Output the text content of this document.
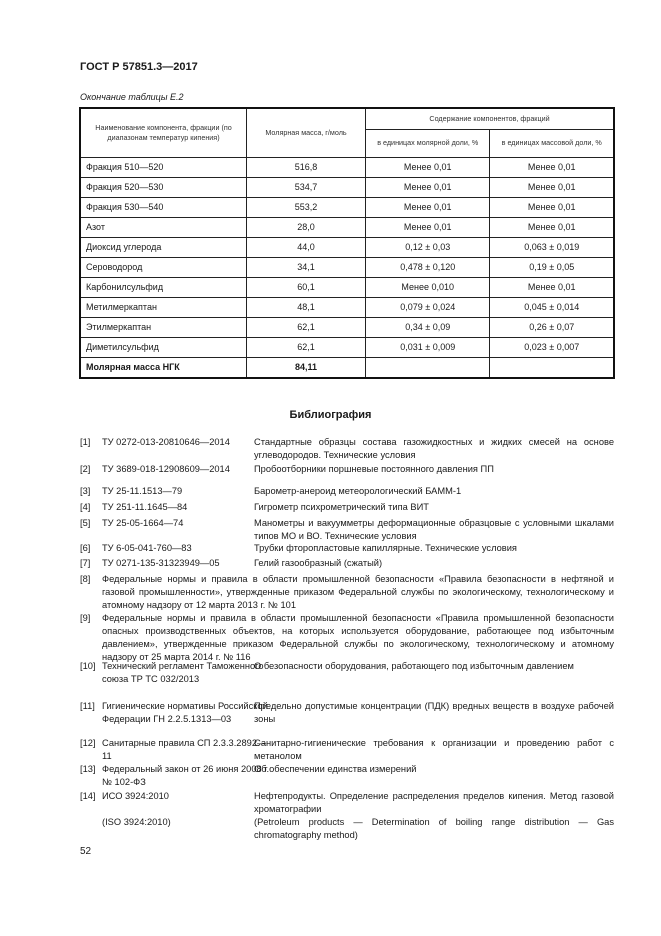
ГОСТ Р 57851.3—2017
Окончание таблицы Е.2
Наименование компонента, фракции (по диапазонам температур кипения)	Молярная масса, г/моль	Содержание компонентов, фракций	
		в единицах молярной доли, %	в единицах массовой доли, %
Фракция 510—520	516,8	Менее 0,01	Менее 0,01
Фракция 520—530	534,7	Менее 0,01	Менее 0,01
Фракция 530—540	553,2	Менее 0,01	Менее 0,01
Азот	28,0	Менее 0,01	Менее 0,01
Диоксид углерода	44,0	0,12 ± 0,03	0,063 ± 0,019
Сероводород	34,1	0,478 ± 0,120	0,19 ± 0,05
Карбонилсульфид	60,1	Менее 0,010	Менее 0,01
Метилмеркаптан	48,1	0,079 ± 0,024	0,045 ± 0,014
Этилмеркаптан	62,1	0,34 ± 0,09	0,26 ± 0,07
Диметилсульфид	62,1	0,031 ± 0,009	0,023 ± 0,007
Молярная масса НГК	84,11		
Библиография
[1] ТУ 0272-013-20810646—2014	Стандартные образцы состава газожидкостных и жидких смесей на основе углеводородов. Технические условия
[2] ТУ 3689-018-12908609—2014	Пробоотборники поршневые постоянного давления ПП
[3] ТУ 25-11.1513—79	Барометр-анероид метеорологический БАММ-1
[4] ТУ 251-11.1645—84	Гигрометр психрометрический типа ВИТ
[5] ТУ 25-05-1664—74	Манометры и вакуумметры деформационные образцовые с условными шкалами типов МО и ВО. Технические условия
[6] ТУ 6-05-041-760—83	Трубки фторопластовые капиллярные. Технические условия
[7] ТУ 0271-135-31323949—05	Гелий газообразный (сжатый)
[8] Федеральные нормы и правила в области промышленной безопасности «Правила безопасности в нефтяной и газовой промышленности», утвержденные приказом Федеральной службы по экологическому, технологическому и атомному надзору от 12 марта 2013 г. № 101
[9] Федеральные нормы и правила в области промышленной безопасности «Правила промышленной безопасности опасных производственных объектов, на которых используется оборудование, работающее под избыточным давлением», утвержденные приказом Федеральной службы по экологическому, технологическому и атомному надзору от 25 марта 2014 г. № 116
[10] Технический регламент Таможенного союза ТР ТС 032/2013
О безопасности оборудования, работающего под избыточным давлением
[11] Гигиенические нормативы Российской Федерации ГН 2.2.5.1313—03
Предельно допустимые концентрации (ПДК) вредных веществ в воздухе рабочей зоны
[12] Санитарные правила СП 2.3.3.2892—11
Санитарно-гигиенические требования к организации и проведению работ с метанолом
[13] Федеральный закон от 26 июня 2008 г. № 102-ФЗ
Об обеспечении единства измерений
[14] ИСО 3924:2010	Нефтепродукты. Определение распределения пределов кипения. Метод газовой хроматографии
(ISO 3924:2010)	(Petroleum products — Determination of boiling range distribution — Gas chromatography method)
52
